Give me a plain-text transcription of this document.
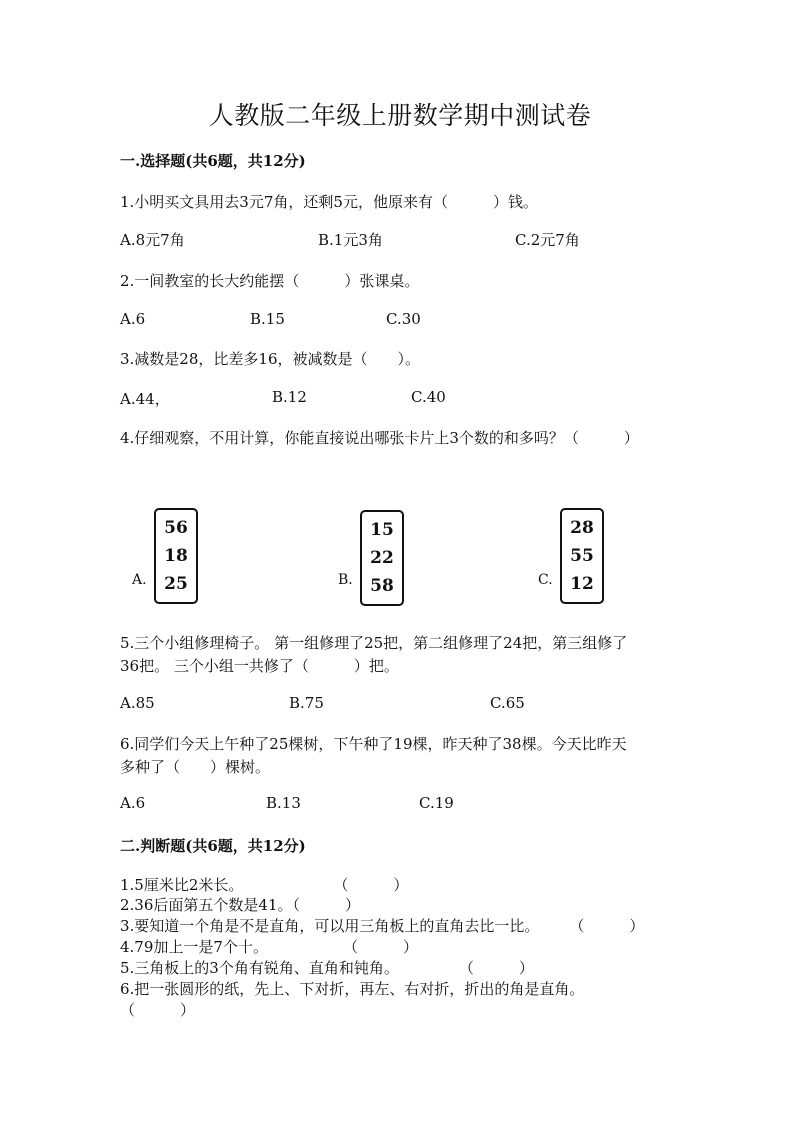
人教版二年级上册数学期中测试卷
一.选择题(共6题，共12分)
1.小明买文具用去3元7角，还剩5元，他原来有（　　　）钱。
A.8元7角	B.1元3角	C.2元7角
2.一间教室的长大约能摆（　　　）张课桌。
A.6	B.15	C.30
3.减数是28，比差多16，被减数是（　　）。
A.44，	B.12	C.40
4.仔细观察，不用计算，你能直接说出哪张卡片上3个数的和多吗？（　　　）
A.
56
18
25	B.
15
22
58	C.
28
55
12
5.三个小组修理椅子。 第一组修理了25把，第二组修理了24把，第三组修了
36把。 三个小组一共修了（　　　）把。
A.85	B.75	C.65
6.同学们今天上午种了25棵树，下午种了19棵，昨天种了38棵。今天比昨天
多种了（　　）棵树。
A.6	B.13	C.19
二.判断题(共6题，共12分)
1.5厘米比2米长。　　　　　　　（　　　）
2.36后面第五个数是41。（　　　）
3.要知道一个角是不是直角，可以用三角板上的直角去比一比。　　　（　　　）
4.79加上一是7个十。　　　　　　（　　　）
5.三角板上的3个角有锐角、直角和钝角。　　　　　（　　　）
6.把一张圆形的纸，先上、下对折，再左、右对折，折出的角是直角。
（　　　）
